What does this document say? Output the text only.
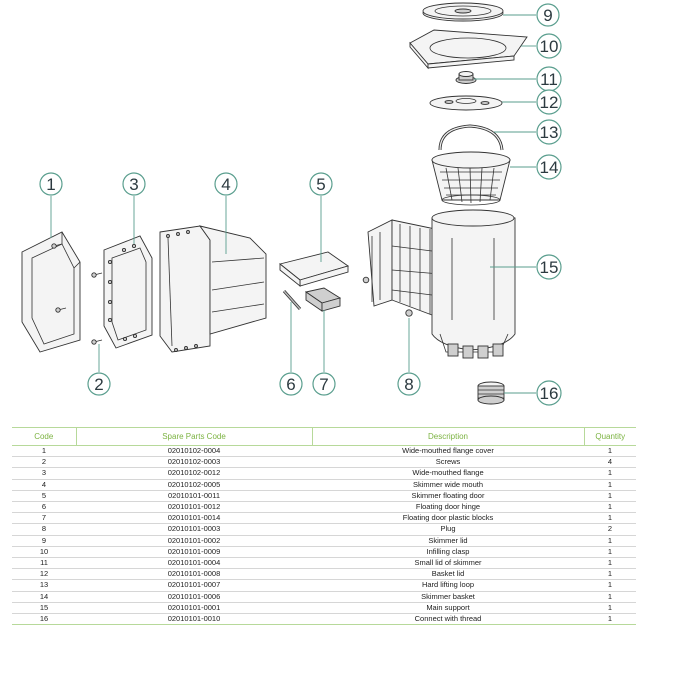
1
2
3	4	5
6 7	8
9
10
11
12
13
14
15
16
Code	Spare Parts Code	Description	Quantity
1	02010102-0004	Wide-mouthed flange cover	1
2	02010102-0003	Screws	4
3	02010102-0012	Wide-mouthed flange	1
4	02010102-0005	Skimmer wide mouth	1
5	02010101-0011	Skimmer floating door	1
6	02010101-0012	Floating door hinge	1
7	02010101-0014	Floating door plastic blocks	1
8	02010101-0003	Plug	2
9	02010101-0002	Skimmer lid	1
10	02010101-0009	Infilling clasp	1
11	02010101-0004	Small lid of skimmer	1
12	02010101-0008	Basket lid	1
13	02010101-0007	Hard lifting loop	1
14	02010101-0006	Skimmer basket	1
15	02010101-0001	Main support	1
16	02010101-0010	Connect with thread	1
